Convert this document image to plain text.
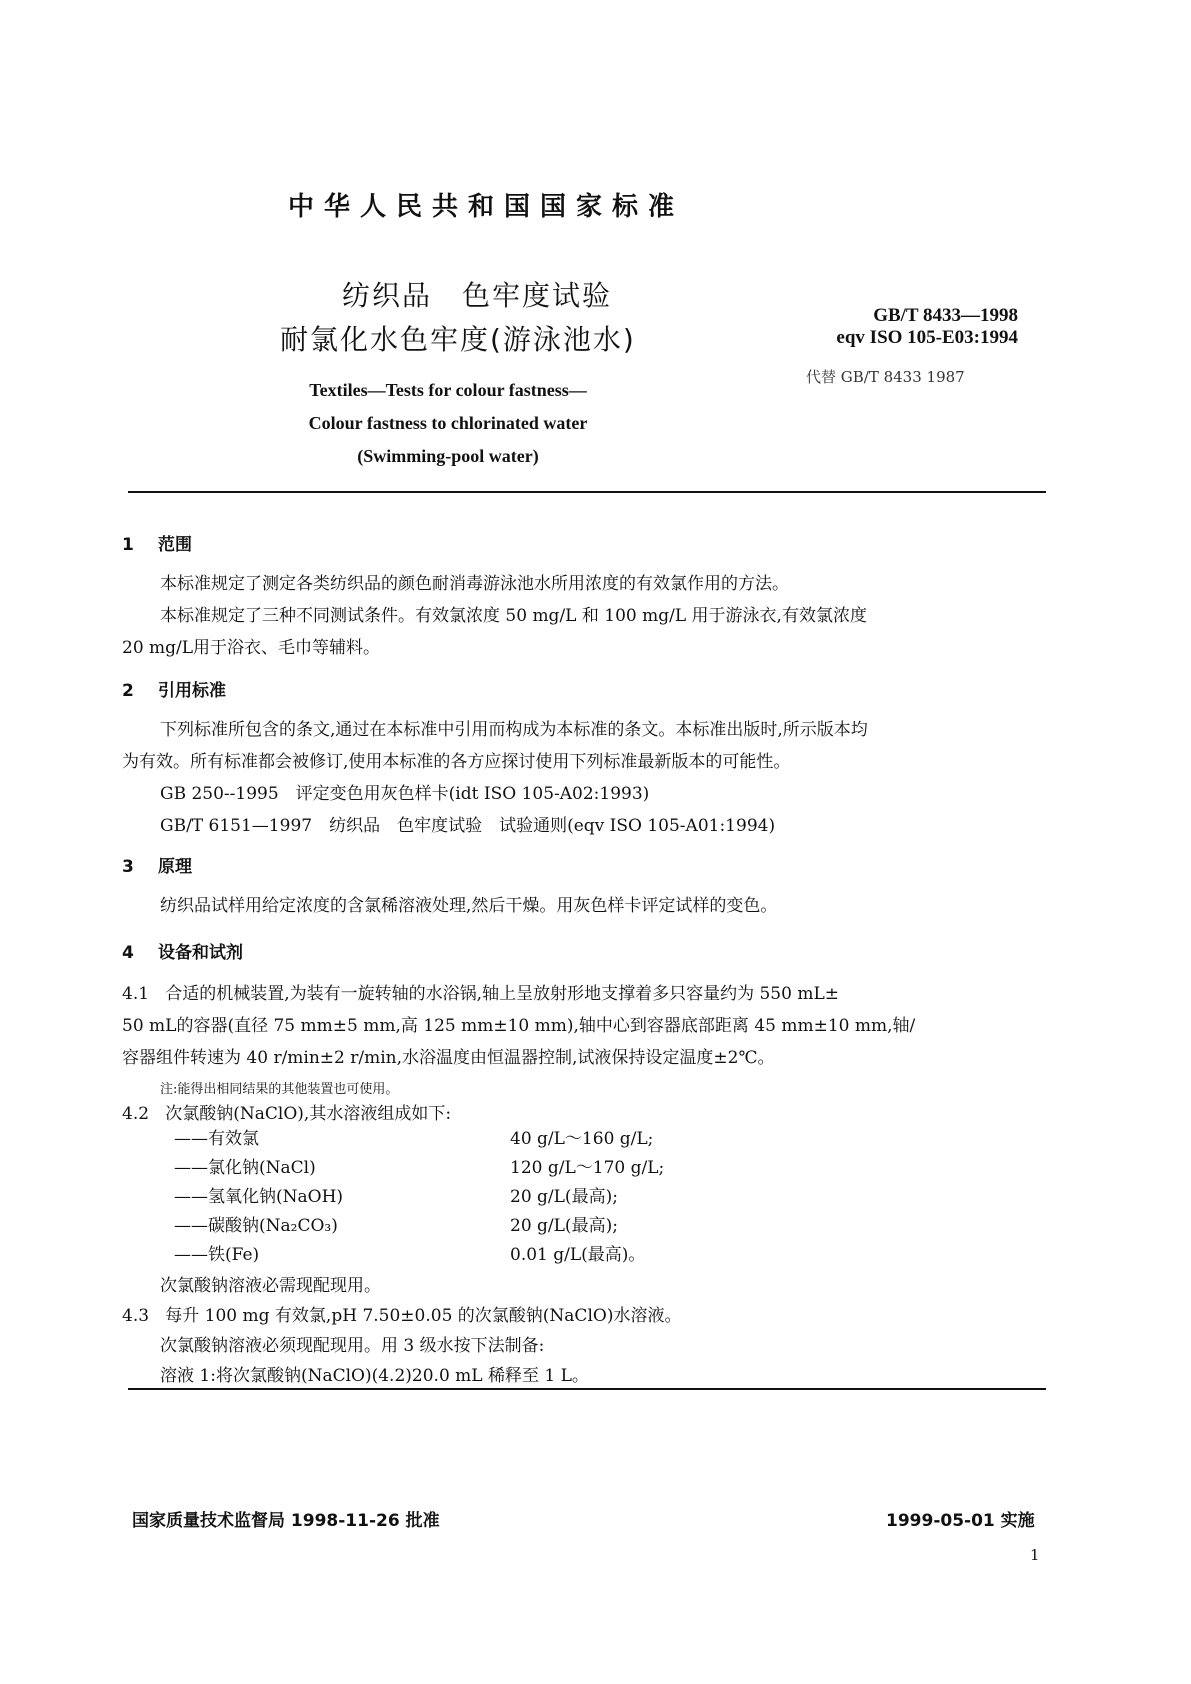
中华人民共和国国家标准
纺织品　色牢度试验
耐氯化水色牢度(游泳池水)
Textiles—Tests for colour fastness—
Colour fastness to chlorinated water
(Swimming-pool water)
GB/T 8433—1998
eqv ISO 105-E03:1994
代替 GB/T 8433 1987
1 范围
本标准规定了测定各类纺织品的颜色耐消毒游泳池水所用浓度的有效氯作用的方法。
本标准规定了三种不同测试条件。有效氯浓度 50 mg/L 和 100 mg/L 用于游泳衣,有效氯浓度
20 mg/L用于浴衣、毛巾等辅料。
2 引用标准
下列标准所包含的条文,通过在本标准中引用而构成为本标准的条文。本标准出版时,所示版本均
为有效。所有标准都会被修订,使用本标准的各方应探讨使用下列标准最新版本的可能性。
GB 250--1995　评定变色用灰色样卡(idt ISO 105-A02:1993)
GB/T 6151—1997　纺织品　色牢度试验　试验通则(eqv ISO 105-A01:1994)
3 原理
纺织品试样用给定浓度的含氯稀溶液处理,然后干燥。用灰色样卡评定试样的变色。
4 设备和试剂
4.1 合适的机械装置,为装有一旋转轴的水浴锅,轴上呈放射形地支撑着多只容量约为 550 mL±
50 mL的容器(直径 75 mm±5 mm,高 125 mm±10 mm),轴中心到容器底部距离 45 mm±10 mm,轴/
容器组件转速为 40 r/min±2 r/min,水浴温度由恒温器控制,试液保持设定温度±2℃。
注:能得出相同结果的其他装置也可使用。
4.2 次氯酸钠(NaClO),其水溶液组成如下:
——有效氯	40 g/L～160 g/L;
——氯化钠(NaCl)	120 g/L～170 g/L;
——氢氧化钠(NaOH)	20 g/L(最高);
——碳酸钠(Na₂CO₃)	20 g/L(最高);
——铁(Fe)	0.01 g/L(最高)。
次氯酸钠溶液必需现配现用。
4.3 每升 100 mg 有效氯,pH 7.50±0.05 的次氯酸钠(NaClO)水溶液。
次氯酸钠溶液必须现配现用。用 3 级水按下法制备:
溶液 1:将次氯酸钠(NaClO)(4.2)20.0 mL 稀释至 1 L。
国家质量技术监督局 1998-11-26 批准	1999-05-01 实施
1
